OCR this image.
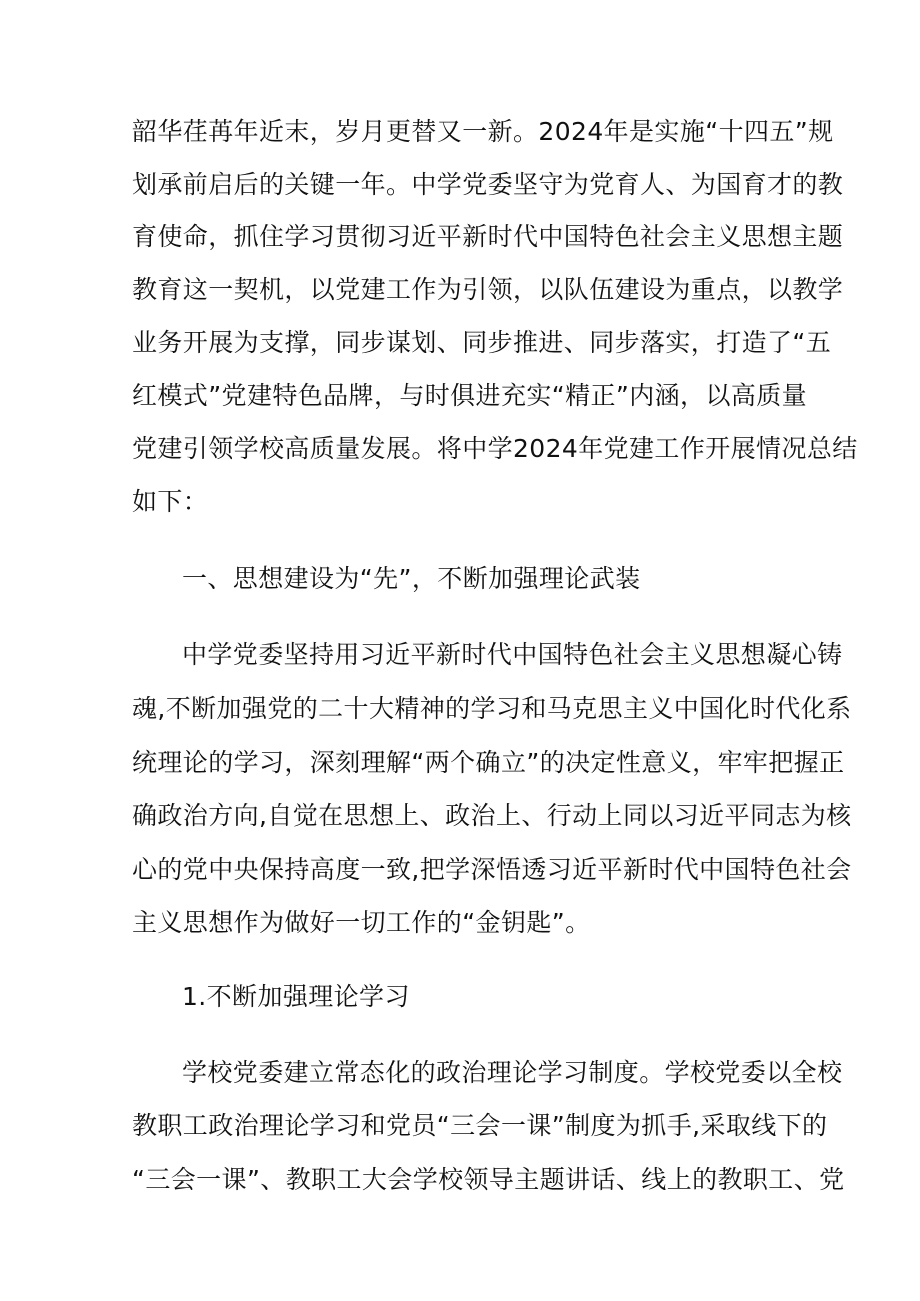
韶华荏苒年近末，岁月更替又一新。2024年是实施“十四五”规
划承前启后的关键一年。中学党委坚守为党育人、为国育才的教
育使命，抓住学习贯彻习近平新时代中国特色社会主义思想主题
教育这一契机，以党建工作为引领，以队伍建设为重点，以教学
业务开展为支撑，同步谋划、同步推进、同步落实，打造了“五
红模式”党建特色品牌，与时俱进充实“精正”内涵，以高质量
党建引领学校高质量发展。将中学2024年党建工作开展情况总结
如下：
一、思想建设为“先”，不断加强理论武装
中学党委坚持用习近平新时代中国特色社会主义思想凝心铸
魂,不断加强党的二十大精神的学习和马克思主义中国化时代化系
统理论的学习，深刻理解“两个确立”的决定性意义，牢牢把握正
确政治方向,自觉在思想上、政治上、行动上同以习近平同志为核
心的党中央保持高度一致,把学深悟透习近平新时代中国特色社会
主义思想作为做好一切工作的“金钥匙”。
1.不断加强理论学习
学校党委建立常态化的政治理论学习制度。学校党委以全校
教职工政治理论学习和党员“三会一课”制度为抓手,采取线下的
“三会一课”、教职工大会学校领导主题讲话、线上的教职工、党
